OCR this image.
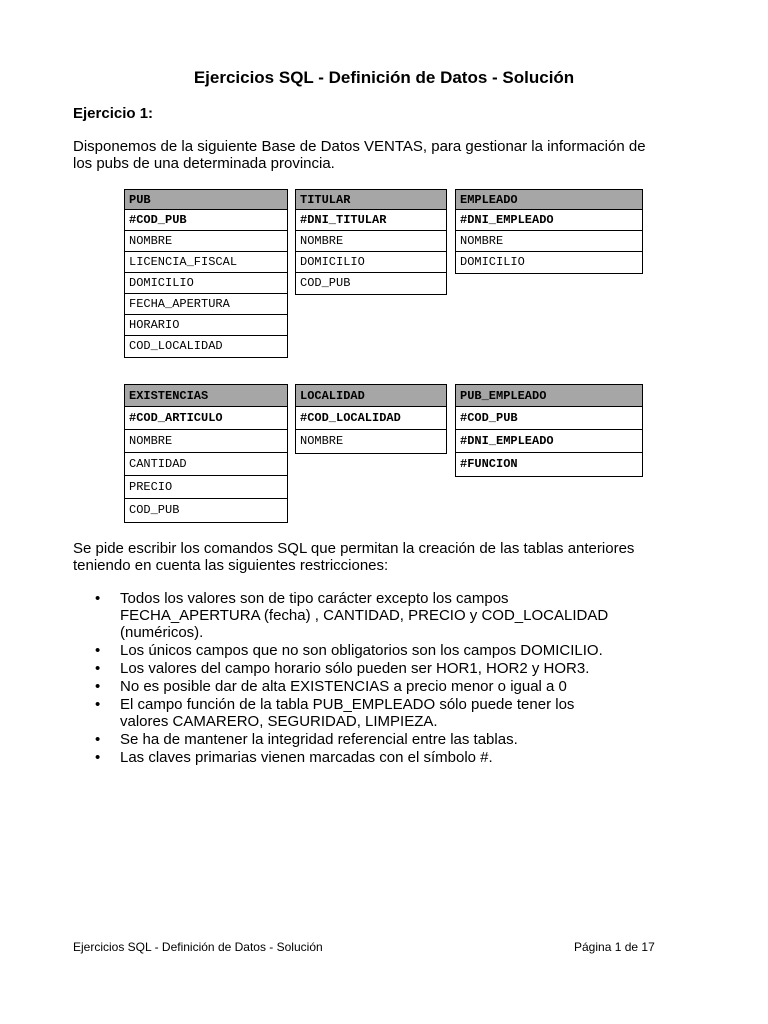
Ejercicios SQL - Definición de Datos - Solución
Ejercicio 1:
Disponemos de la siguiente Base de Datos VENTAS, para gestionar la información de
los pubs de una determinada provincia.
PUB
#COD_PUB
NOMBRE
LICENCIA_FISCAL
DOMICILIO
FECHA_APERTURA
HORARIO
COD_LOCALIDAD
TITULAR
#DNI_TITULAR
NOMBRE
DOMICILIO
COD_PUB
EMPLEADO
#DNI_EMPLEADO
NOMBRE
DOMICILIO
EXISTENCIAS
#COD_ARTICULO
NOMBRE
CANTIDAD
PRECIO
COD_PUB
LOCALIDAD
#COD_LOCALIDAD
NOMBRE
PUB_EMPLEADO
#COD_PUB
#DNI_EMPLEADO
#FUNCION
Se pide escribir los comandos SQL que permitan la creación de las tablas anteriores
teniendo en cuenta las siguientes restricciones:
• Todos los valores son de tipo carácter excepto los campos
FECHA_APERTURA (fecha) , CANTIDAD, PRECIO y COD_LOCALIDAD
(numéricos).
• Los únicos campos que no son obligatorios son los campos DOMICILIO.
• Los valores del campo horario sólo pueden ser HOR1, HOR2 y HOR3.
• No es posible dar de alta EXISTENCIAS a precio menor o igual a 0
• El campo función de la tabla PUB_EMPLEADO sólo puede tener los
valores CAMARERO, SEGURIDAD, LIMPIEZA.
• Se ha de mantener la integridad referencial entre las tablas.
• Las claves primarias vienen marcadas con el símbolo #.
Ejercicios SQL - Definición de Datos - Solución	Página 1 de 17
